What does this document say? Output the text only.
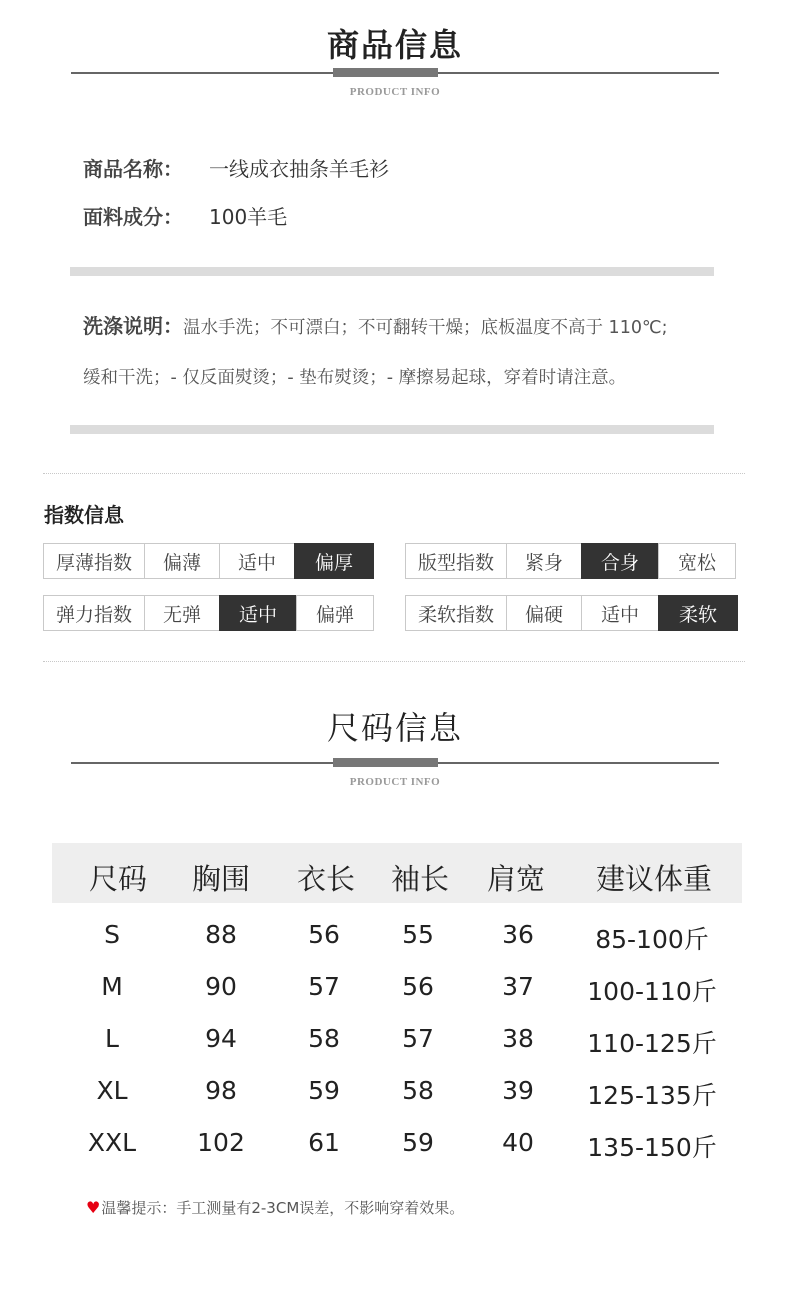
商品信息
PRODUCT INFO
商品名称： 一线成衣抽条羊毛衫
面料成分： 100羊毛
洗涤说明：温水手洗；不可漂白；不可翻转干燥；底板温度不高于 110℃;
缓和干洗；- 仅反面熨烫；- 垫布熨烫；- 摩擦易起球，穿着时请注意。
指数信息
厚薄指数	偏薄	适中	偏厚	版型指数	紧身	合身	宽松
弹力指数	无弹	适中	偏弹	柔软指数	偏硬	适中	柔软
尺码信息
PRODUCT INFO
尺码	胸围	衣长	袖长	肩宽	建议体重
S	88	56	55	36	85-100斤
M	90	57	56	37	100-110斤
L	94	58	57	38	110-125斤
XL	98	59	58	39	125-135斤
XXL	102	61	59	40	135-150斤
♥ 温馨提示：手工测量有2-3CM误差，不影响穿着效果。
